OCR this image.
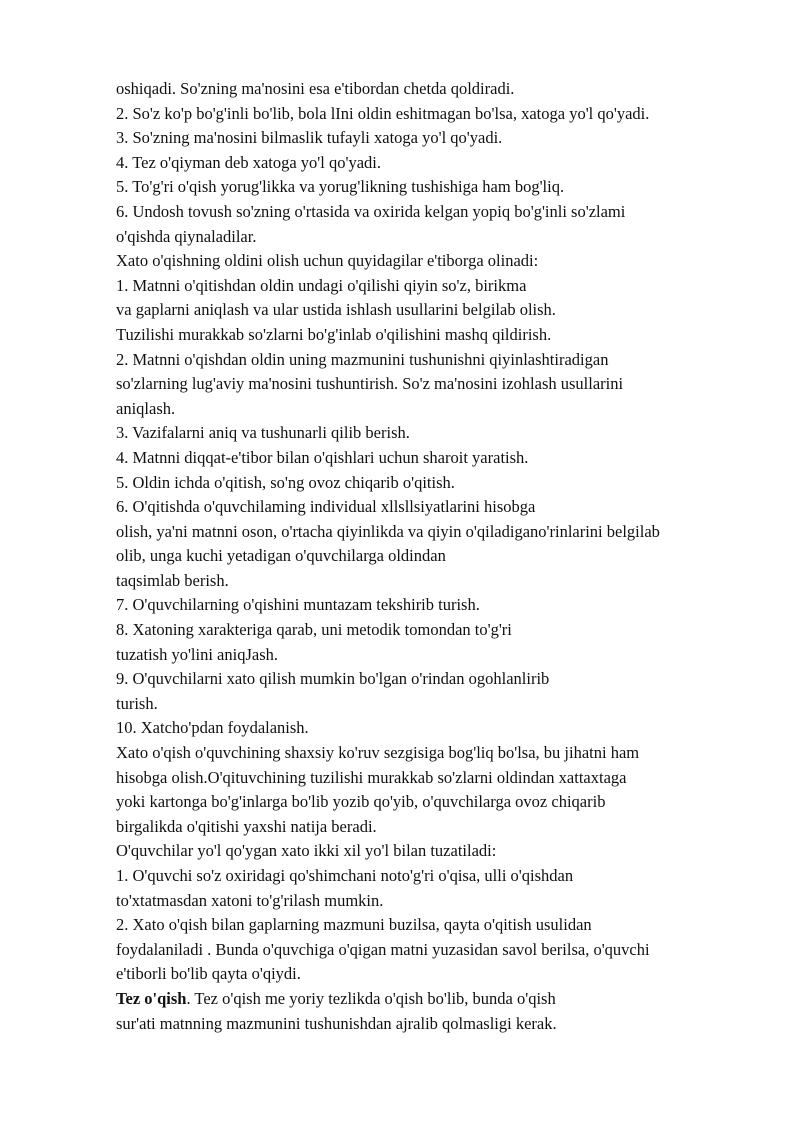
oshiqadi. So'zning ma'nosini esa e'tibordan chetda qoldiradi.
2. So'z ko'p bo'g'inli bo'lib, bola lIni oldin eshitmagan bo'lsa, xatoga yo'l qo'yadi.
3. So'zning ma'nosini bilmaslik tufayli xatoga yo'l qo'yadi.
4. Tez o'qiyman deb xatoga yo'l qo'yadi.
5. To'g'ri o'qish yorug'likka va yorug'likning tushishiga ham bog'liq.
6. Undosh tovush so'zning o'rtasida va oxirida kelgan yopiq bo'g'inli so'zlami
o'qishda qiynaladilar.
Xato o'qishning oldini olish uchun quyidagilar e'tiborga olinadi:
1. Matnni o'qitishdan oldin undagi o'qilishi qiyin so'z, birikma
va gaplarni aniqlash va ular ustida ishlash usullarini belgilab olish.
Tuzilishi murakkab so'zlarni bo'g'inlab o'qilishini mashq qildirish.
2. Matnni o'qishdan oldin uning mazmunini tushunishni qiyinlashtiradigan
so'zlarning lug'aviy ma'nosini tushuntirish. So'z ma'nosini izohlash usullarini
aniqlash.
3. Vazifalarni aniq va tushunarli qilib berish.
4. Matnni diqqat-e'tibor bilan o'qishlari uchun sharoit yaratish.
5. Oldin ichda o'qitish, so'ng ovoz chiqarib o'qitish.
6. O'qitishda o'quvchilaming individual xllsllsiyatlarini hisobga
olish, ya'ni matnni oson, o'rtacha qiyinlikda va qiyin o'qiladigano'rinlarini belgilab
olib, unga kuchi yetadigan o'quvchilarga oldindan
taqsimlab berish.
7. O'quvchilarning o'qishini muntazam tekshirib turish.
8. Xatoning xarakteriga qarab, uni metodik tomondan to'g'ri
tuzatish yo'lini aniqJash.
9. O'quvchilarni xato qilish mumkin bo'lgan o'rindan ogohlanlirib
turish.
10. Xatcho'pdan foydalanish.
Xato o'qish o'quvchining shaxsiy ko'ruv sezgisiga bog'liq bo'lsa, bu jihatni ham
hisobga olish.O'qituvchining tuzilishi murakkab so'zlarni oldindan xattaxtaga
yoki kartonga bo'g'inlarga bo'lib yozib qo'yib, o'quvchilarga ovoz chiqarib
birgalikda o'qitishi yaxshi natija beradi.
O'quvchilar yo'l qo'ygan xato ikki xil yo'l bilan tuzatiladi:
1. O'quvchi so'z oxiridagi qo'shimchani noto'g'ri o'qisa, ulli o'qishdan
to'xtatmasdan xatoni to'g'rilash mumkin.
2. Xato o'qish bilan gaplarning mazmuni buzilsa, qayta o'qitish usulidan
foydalaniladi . Bunda o'quvchiga o'qigan matni yuzasidan savol berilsa, o'quvchi
e'tiborli bo'lib qayta o'qiydi.
Tez o'qish. Tez o'qish me yoriy tezlikda o'qish bo'lib, bunda o'qish
sur'ati matnning mazmunini tushunishdan ajralib qolmasligi kerak.
